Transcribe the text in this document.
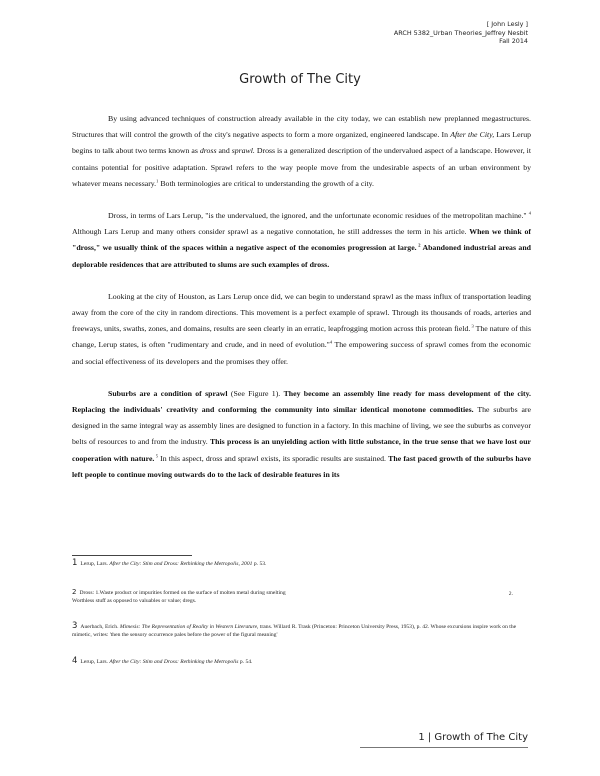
[ John Lesly ]
ARCH 5382_Urban Theories_Jeffrey Nesbit
Fall 2014
Growth of The City

By using advanced techniques of construction already available in the city today, we can establish new preplanned megastructures. Structures that will control the growth of the city's negative aspects to form a more organized, engineered landscape. In After the City, Lars Lerup begins to talk about two terms known as dross and sprawl. Dross is a generalized description of the undervalued aspect of a landscape. However, it contains potential for positive adaptation. Sprawl refers to the way people move from the undesirable aspects of an urban environment by whatever means necessary.$^1$ Both terminologies are critical to understanding the growth of a city.

Dross, in terms of Lars Lerup, "is the undervalued, the ignored, and the unfortunate economic residues of the metropolitan machine." $^4$ Although Lars Lerup and many others consider sprawl as a negative connotation, he still addresses the term in his article. When we think of "dross," we usually think of the spaces within a negative aspect of the economies progression at large. $^2$ Abandoned industrial areas and deplorable residences that are attributed to slums are such examples of dross.

Looking at the city of Houston, as Lars Lerup once did, we can begin to understand sprawl as the mass influx of transportation leading away from the core of the city in random directions. This movement is a perfect example of sprawl. Through its thousands of roads, arteries and freeways, units, swaths, zones, and domains, results are seen clearly in an erratic, leapfrogging motion across this protean field. $^3$ The nature of this change, Lerup states, is often "rudimentary and crude, and in need of evolution."$^4$ The empowering success of sprawl comes from the economic and social effectiveness of its developers and the promises they offer.

Suburbs are a condition of sprawl (See Figure 1). They become an assembly line ready for mass development of the city. Replacing the individuals' creativity and conforming the community into similar identical monotone commodities. The suburbs are designed in the same integral way as assembly lines are designed to function in a factory. In this machine of living, we see the suburbs as conveyor belts of resources to and from the industry. This process is an unyielding action with little substance, in the true sense that we have lost our cooperation with nature. $^5$ In this aspect, dross and sprawl exists, its sporadic results are sustained. The fast paced growth of the suburbs have left people to continue moving outwards do to the lack of desirable features in its

1 Lerup, Lars. After the City: Stim and Dross: Rethinking the Metropolis, 2001 p. 53.
2 Dross: 1.Waste product or impurities formed on the surface of molten metal during smelting	2.

Worthless stuff as opposed to valuables or value; dregs.
3 Auerbach, Erich. Mimesis: The Representation of Reality in Western Literature, trans. Willard R. Trask (Princeton: Princeton University Press, 1953), p. 42. Whose excursions inspire work on the mimetic, writes: 'then the sensory occurrence pales before the power of the figural meaning'
4 Lerup, Lars. After the City: Stim and Dross: Rethinking the Metropolis p. 54.
1 | Growth of The City
